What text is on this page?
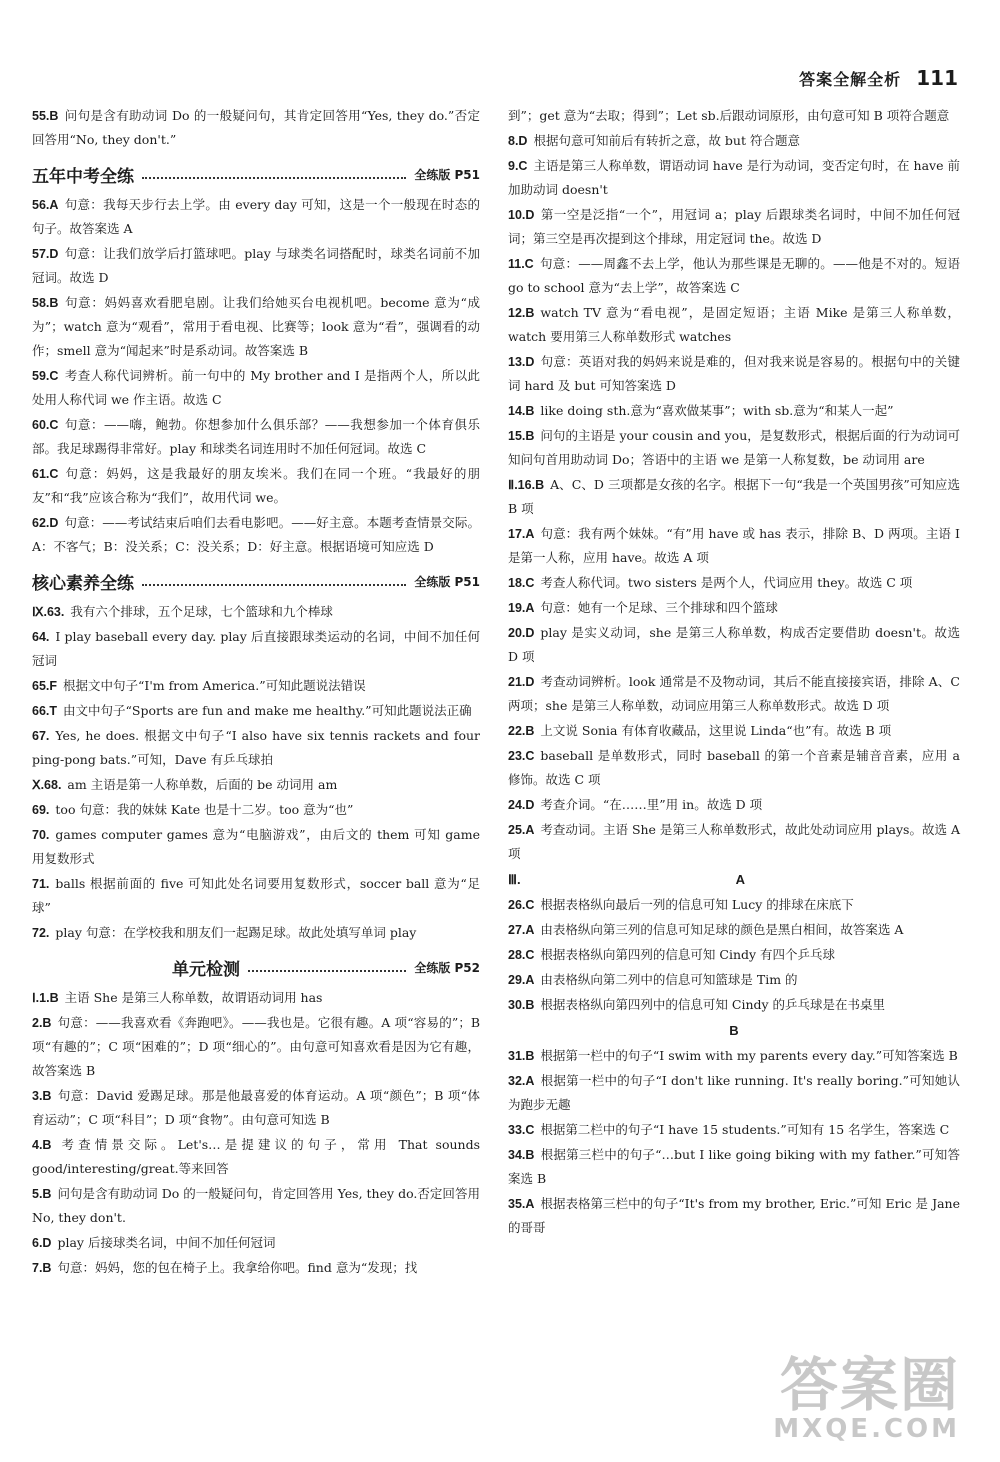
答案全解全析 111

55.B 问句是含有助动词 Do 的一般疑问句，其肯定回答用“Yes, they do.”否定回答用“No, they don't.”

五年中考全练	全练版 P51

56.A 句意：我每天步行去上学。由 every day 可知，这是一个一般现在时态的句子。故答案选 A

57.D 句意：让我们放学后打篮球吧。play 与球类名词搭配时，球类名词前不加冠词。故选 D

58.B 句意：妈妈喜欢看肥皂剧。让我们给她买台电视机吧。become 意为“成为”；watch 意为“观看”，常用于看电视、比赛等；look 意为“看”，强调看的动作；smell 意为“闻起来”时是系动词。故答案选 B

59.C 考查人称代词辨析。前一句中的 My brother and I 是指两个人，所以此处用人称代词 we 作主语。故选 C

60.C 句意：——嗨，鲍勃。你想参加什么俱乐部？——我想参加一个体育俱乐部。我足球踢得非常好。play 和球类名词连用时不加任何冠词。故选 C

61.C 句意：妈妈，这是我最好的朋友埃米。我们在同一个班。“我最好的朋友”和“我”应该合称为“我们”，故用代词 we。

62.D 句意：——考试结束后咱们去看电影吧。——好主意。本题考查情景交际。A：不客气；B：没关系；C：没关系；D：好主意。根据语境可知应选 D

核心素养全练	全练版 P51

Ⅸ.63. 我有六个排球，五个足球，七个篮球和九个棒球

64. I play baseball every day. play 后直接跟球类运动的名词，中间不加任何冠词

65.F 根据文中句子“I'm from America.”可知此题说法错误

66.T 由文中句子“Sports are fun and make me healthy.”可知此题说法正确

67. Yes, he does. 根据文中句子“I also have six tennis rackets and four ping-pong bats.”可知，Dave 有乒乓球拍

Ⅹ.68. am 主语是第一人称单数，后面的 be 动词用 am

69. too 句意：我的妹妹 Kate 也是十二岁。too 意为“也”

70. games computer games 意为“电脑游戏”，由后文的 them 可知 game 用复数形式

71. balls 根据前面的 five 可知此处名词要用复数形式，soccer ball 意为“足球”

72. play 句意：在学校我和朋友们一起踢足球。故此处填写单词 play

单元检测	全练版 P52

Ⅰ.1.B 主语 She 是第三人称单数，故谓语动词用 has

2.B 句意：——我喜欢看《奔跑吧》。——我也是。它很有趣。A 项“容易的”；B 项“有趣的”；C 项“困难的”；D 项“细心的”。由句意可知喜欢看是因为它有趣，故答案选 B

3.B 句意：David 爱踢足球。那是他最喜爱的体育运动。A 项“颜色”；B 项“体育运动”；C 项“科目”；D 项“食物”。由句意可知选 B

4.B 考查情景交际。Let's…是提建议的句子，常用 That sounds good/interesting/great.等来回答

5.B 问句是含有助动词 Do 的一般疑问句，肯定回答用 Yes, they do.否定回答用 No, they don't.

6.D play 后接球类名词，中间不加任何冠词

7.B 句意：妈妈，您的包在椅子上。我拿给你吧。find 意为“发现；找

到”；get 意为“去取；得到”；Let sb.后跟动词原形，由句意可知 B 项符合题意

8.D 根据句意可知前后有转折之意，故 but 符合题意

9.C 主语是第三人称单数，谓语动词 have 是行为动词，变否定句时，在 have 前加助动词 doesn't

10.D 第一空是泛指“一个”，用冠词 a；play 后跟球类名词时，中间不加任何冠词；第三空是再次提到这个排球，用定冠词 the。故选 D

11.C 句意：——周鑫不去上学，他认为那些课是无聊的。——他是不对的。短语 go to school 意为“去上学”，故答案选 C

12.B watch TV 意为“看电视”，是固定短语；主语 Mike 是第三人称单数，watch 要用第三人称单数形式 watches

13.D 句意：英语对我的妈妈来说是难的，但对我来说是容易的。根据句中的关键词 hard 及 but 可知答案选 D

14.B like doing sth.意为“喜欢做某事”；with sb.意为“和某人一起”

15.B 问句的主语是 your cousin and you，是复数形式，根据后面的行为动词可知问句首用助动词 Do；答语中的主语 we 是第一人称复数，be 动词用 are

Ⅱ.16.B A、C、D 三项都是女孩的名字。根据下一句“我是一个英国男孩”可知应选 B 项

17.A 句意：我有两个妹妹。“有”用 have 或 has 表示，排除 B、D 两项。主语 I 是第一人称，应用 have。故选 A 项

18.C 考查人称代词。two sisters 是两个人，代词应用 they。故选 C 项

19.A 句意：她有一个足球、三个排球和四个篮球

20.D play 是实义动词，she 是第三人称单数，构成否定要借助 doesn't。故选 D 项

21.D 考查动词辨析。look 通常是不及物动词，其后不能直接接宾语，排除 A、C 两项；she 是第三人称单数，动词应用第三人称单数形式。故选 D 项

22.B 上文说 Sonia 有体育收藏品，这里说 Linda“也”有。故选 B 项

23.C baseball 是单数形式，同时 baseball 的第一个音素是辅音音素，应用 a 修饰。故选 C 项

24.D 考查介词。“在……里”用 in。故选 D 项

25.A 考查动词。主语 She 是第三人称单数形式，故此处动词应用 plays。故选 A 项

Ⅲ.	A

26.C 根据表格纵向最后一列的信息可知 Lucy 的排球在床底下

27.A 由表格纵向第三列的信息可知足球的颜色是黑白相间，故答案选 A

28.C 根据表格纵向第四列的信息可知 Cindy 有四个乒乓球

29.A 由表格纵向第二列中的信息可知篮球是 Tim 的

30.B 根据表格纵向第四列中的信息可知 Cindy 的乒乓球是在书桌里

B

31.B 根据第一栏中的句子“I swim with my parents every day.”可知答案选 B

32.A 根据第一栏中的句子“I don't like running. It's really boring.”可知她认为跑步无趣

33.C 根据第二栏中的句子“I have 15 students.”可知有 15 名学生，答案选 C

34.B 根据第三栏中的句子“…but I like going biking with my father.”可知答案选 B

35.A 根据表格第三栏中的句子“It's from my brother, Eric.”可知 Eric 是 Jane 的哥哥

答案圈
MXQE.COM
